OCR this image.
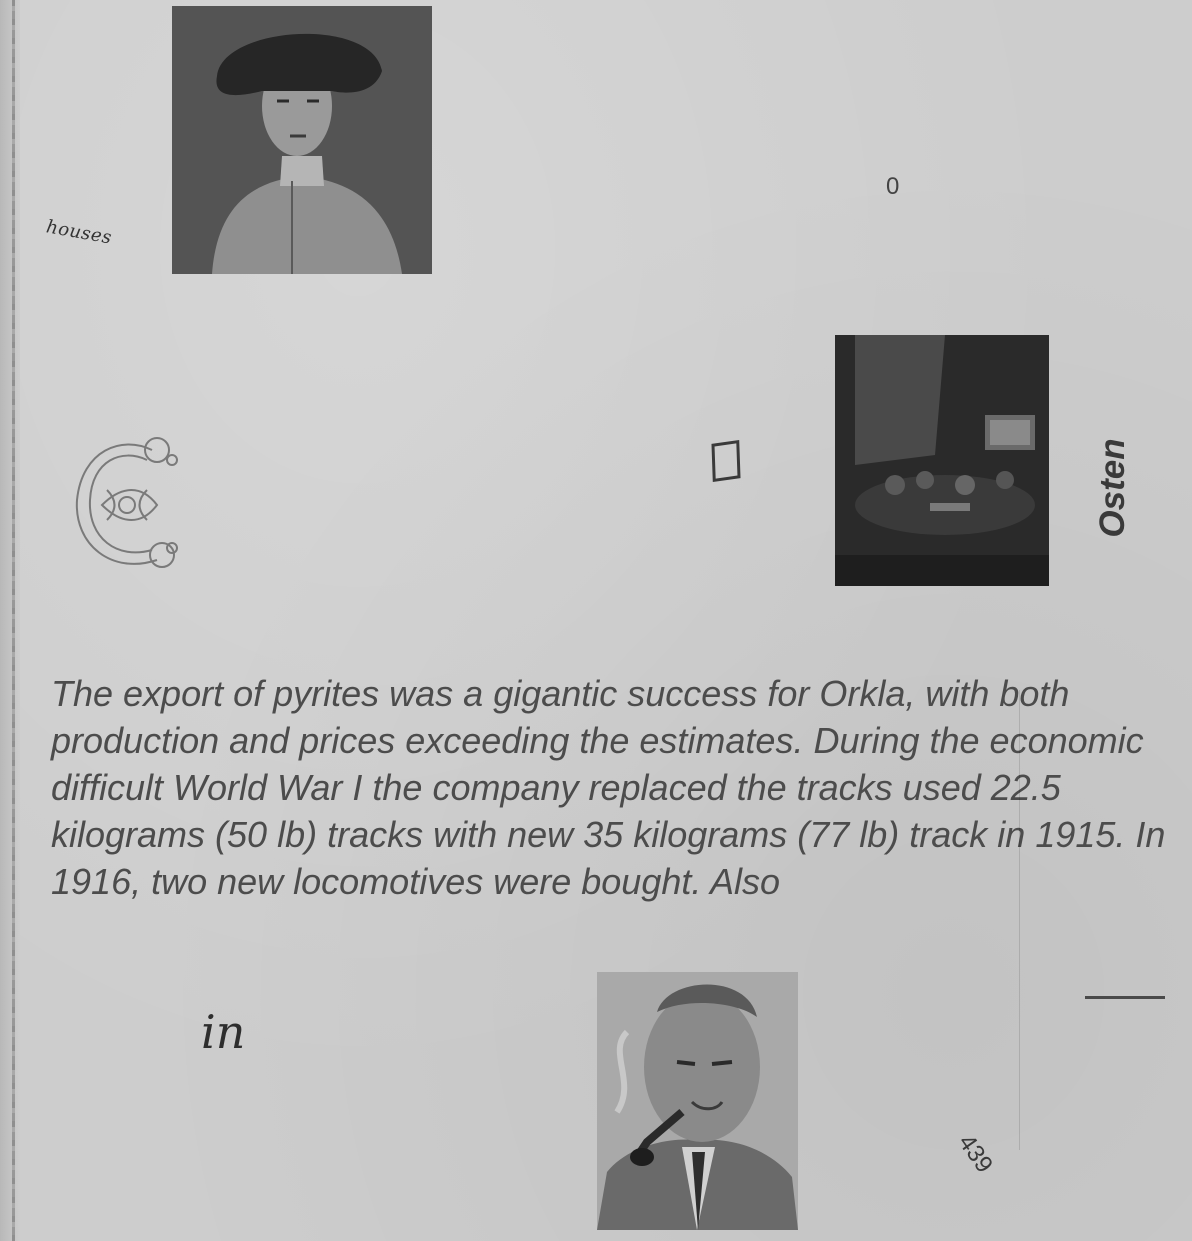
houses
0
Osten

The export of pyrites was a gigantic success for Orkla, with both production and prices exceeding the estimates. During the economic difficult World War I the company replaced the tracks used 22.5 kilograms (50 lb) tracks with new 35 kilograms (77 lb) track in 1915. In 1916, two new locomotives were bought. Also

in
439
